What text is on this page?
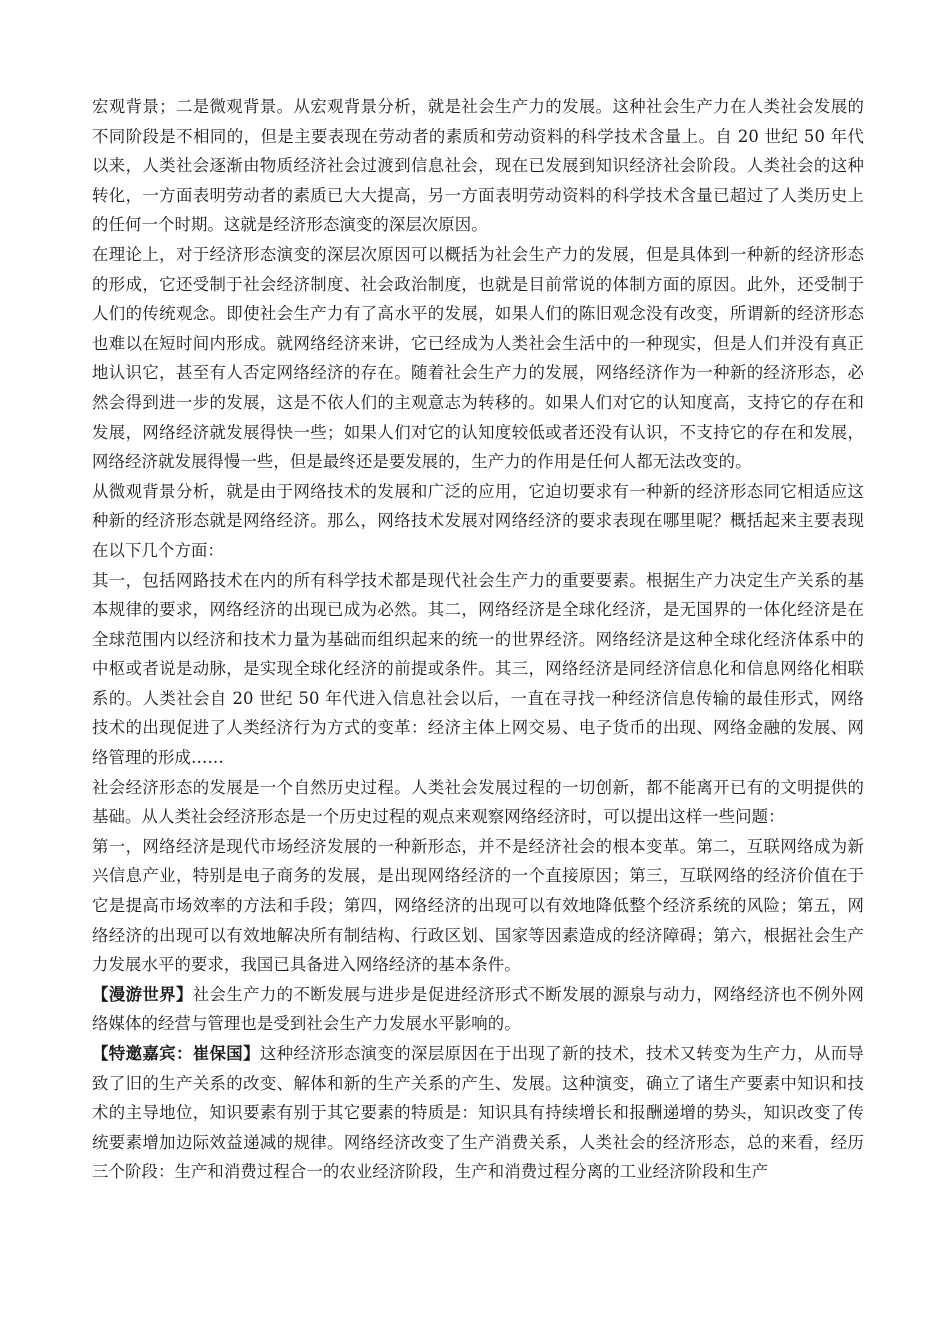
宏观背景；二是微观背景。从宏观背景分析，就是社会生产力的发展。这种社会生产力在人类社会发展的不同阶段是不相同的，但是主要表现在劳动者的素质和劳动资料的科学技术含量上。自 20 世纪 50 年代以来，人类社会逐渐由物质经济社会过渡到信息社会，现在已发展到知识经济社会阶段。人类社会的这种转化，一方面表明劳动者的素质已大大提高，另一方面表明劳动资料的科学技术含量已超过了人类历史上的任何一个时期。这就是经济形态演变的深层次原因。

在理论上，对于经济形态演变的深层次原因可以概括为社会生产力的发展，但是具体到一种新的经济形态的形成，它还受制于社会经济制度、社会政治制度，也就是目前常说的体制方面的原因。此外，还受制于人们的传统观念。即使社会生产力有了高水平的发展，如果人们的陈旧观念没有改变，所谓新的经济形态也难以在短时间内形成。就网络经济来讲，它已经成为人类社会生活中的一种现实，但是人们并没有真正地认识它，甚至有人否定网络经济的存在。随着社会生产力的发展，网络经济作为一种新的经济形态，必然会得到进一步的发展，这是不依人们的主观意志为转移的。如果人们对它的认知度高，支持它的存在和发展，网络经济就发展得快一些；如果人们对它的认知度较低或者还没有认识，不支持它的存在和发展，网络经济就发展得慢一些，但是最终还是要发展的，生产力的作用是任何人都无法改变的。

从微观背景分析，就是由于网络技术的发展和广泛的应用，它迫切要求有一种新的经济形态同它相适应这种新的经济形态就是网络经济。那么，网络技术发展对网络经济的要求表现在哪里呢？概括起来主要表现在以下几个方面：

其一，包括网路技术在内的所有科学技术都是现代社会生产力的重要要素。根据生产力决定生产关系的基本规律的要求，网络经济的出现已成为必然。其二，网络经济是全球化经济，是无国界的一体化经济是在全球范围内以经济和技术力量为基础而组织起来的统一的世界经济。网络经济是这种全球化经济体系中的中枢或者说是动脉，是实现全球化经济的前提或条件。其三，网络经济是同经济信息化和信息网络化相联系的。人类社会自 20 世纪 50 年代进入信息社会以后，一直在寻找一种经济信息传输的最佳形式，网络技术的出现促进了人类经济行为方式的变革：经济主体上网交易、电子货币的出现、网络金融的发展、网络管理的形成……

社会经济形态的发展是一个自然历史过程。人类社会发展过程的一切创新，都不能离开已有的文明提供的基础。从人类社会经济形态是一个历史过程的观点来观察网络经济时，可以提出这样一些问题：

第一，网络经济是现代市场经济发展的一种新形态，并不是经济社会的根本变革。第二，互联网络成为新兴信息产业，特别是电子商务的发展，是出现网络经济的一个直接原因；第三，互联网络的经济价值在于它是提高市场效率的方法和手段；第四，网络经济的出现可以有效地降低整个经济系统的风险；第五，网络经济的出现可以有效地解决所有制结构、行政区划、国家等因素造成的经济障碍；第六，根据社会生产力发展水平的要求，我国已具备进入网络经济的基本条件。

【漫游世界】社会生产力的不断发展与进步是促进经济形式不断发展的源泉与动力，网络经济也不例外网络媒体的经营与管理也是受到社会生产力发展水平影响的。

【特邀嘉宾：崔保国】这种经济形态演变的深层原因在于出现了新的技术，技术又转变为生产力，从而导致了旧的生产关系的改变、解体和新的生产关系的产生、发展。这种演变，确立了诸生产要素中知识和技术的主导地位，知识要素有别于其它要素的特质是：知识具有持续增长和报酬递增的势头，知识改变了传统要素增加边际效益递减的规律。网络经济改变了生产消费关系，人类社会的经济形态，总的来看，经历三个阶段：生产和消费过程合一的农业经济阶段，生产和消费过程分离的工业经济阶段和生产
